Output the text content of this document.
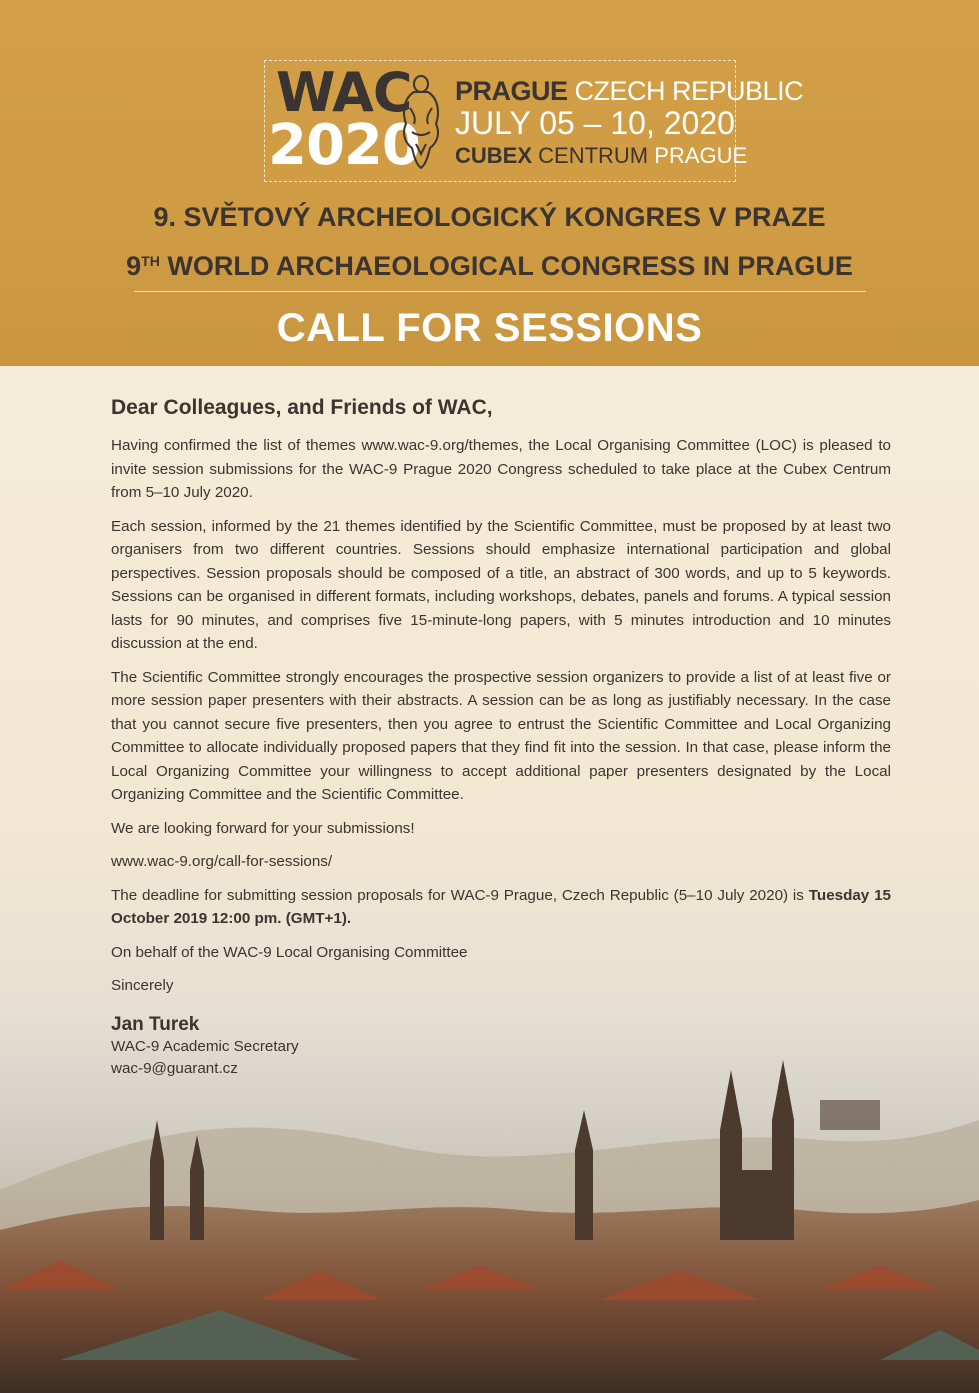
WAC
2020
PRAGUE CZECH REPUBLIC
JULY 05 – 10, 2020
CUBEX CENTRUM PRAGUE
9. SVĚTOVÝ ARCHEOLOGICKÝ KONGRES V PRAZE
9TH WORLD ARCHAEOLOGICAL CONGRESS IN PRAGUE
CALL FOR SESSIONS
Dear Colleagues, and Friends of WAC,

Having confirmed the list of themes www.wac-9.org/themes, the Local Organising Committee (LOC) is pleased to invite session submissions for the WAC-9 Prague 2020 Congress scheduled to take place at the Cubex Centrum from 5–10 July 2020.

Each session, informed by the 21 themes identified by the Scientific Committee, must be proposed by at least two organisers from two different countries. Sessions should emphasize international participation and global perspectives. Session proposals should be composed of a title, an abstract of 300 words, and up to 5 keywords. Sessions can be organised in different formats, including workshops, debates, panels and forums. A typical session lasts for 90 minutes, and comprises five 15-minute-long papers, with 5 minutes introduction and 10 minutes discussion at the end.

The Scientific Committee strongly encourages the prospective session organizers to provide a list of at least five or more session paper presenters with their abstracts. A session can be as long as justifiably necessary. In the case that you cannot secure five presenters, then you agree to entrust the Scientific Committee and Local Organizing Committee to allocate individually proposed papers that they find fit into the session. In that case, please inform the Local Organizing Committee your willingness to accept additional paper presenters designated by the Local Organizing Committee and the Scientific Committee.

We are looking forward for your submissions!
www.wac-9.org/call-for-sessions/

The deadline for submitting session proposals for WAC-9 Prague, Czech Republic (5–10 July 2020) is Tuesday 15 October 2019 12:00 pm. (GMT+1).

On behalf of the WAC-9 Local Organising Committee
Sincerely
Jan Turek
WAC-9 Academic Secretary
wac-9@guarant.cz
